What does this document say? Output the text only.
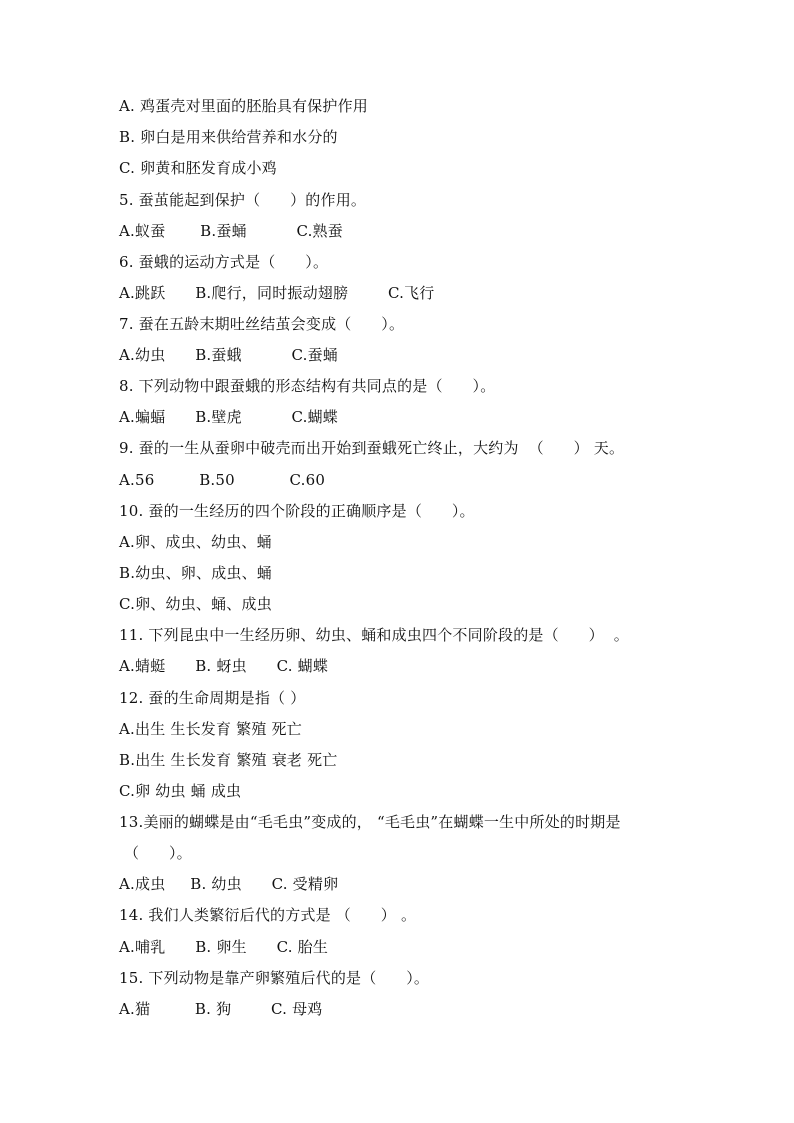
A. 鸡蛋壳对里面的胚胎具有保护作用
B. 卵白是用来供给营养和水分的
C. 卵黄和胚发育成小鸡
5. 蚕茧能起到保护（      ）的作用。
A.蚁蚕       B.蚕蛹          C.熟蚕
6. 蚕蛾的运动方式是（      ）。
A.跳跃      B.爬行，同时振动翅膀        C.飞行
7. 蚕在五龄末期吐丝结茧会变成（      ）。
A.幼虫      B.蚕蛾          C.蚕蛹
8. 下列动物中跟蚕蛾的形态结构有共同点的是（      ）。
A.蝙蝠      B.壁虎          C.蝴蝶
9. 蚕的一生从蚕卵中破壳而出开始到蚕蛾死亡终止，大约为  （      ） 天。
A.56         B.50           C.60
10. 蚕的一生经历的四个阶段的正确顺序是（      ）。
A.卵、成虫、幼虫、蛹
B.幼虫、卵、成虫、蛹
C.卵、幼虫、蛹、成虫
11. 下列昆虫中一生经历卵、幼虫、蛹和成虫四个不同阶段的是（      ）  。
A.蜻蜓      B. 蚜虫      C. 蝴蝶
12. 蚕的生命周期是指（ ）
A.出生 生长发育 繁殖 死亡
B.出生 生长发育 繁殖 衰老 死亡
C.卵 幼虫 蛹 成虫
13.美丽的蝴蝶是由“毛毛虫”变成的， “毛毛虫”在蝴蝶一生中所处的时期是
（      ）。
A.成虫     B. 幼虫      C. 受精卵
14. 我们人类繁衍后代的方式是 （      ） 。
A.哺乳      B. 卵生      C. 胎生
15. 下列动物是靠产卵繁殖后代的是（      ）。
A.猫         B. 狗        C. 母鸡
